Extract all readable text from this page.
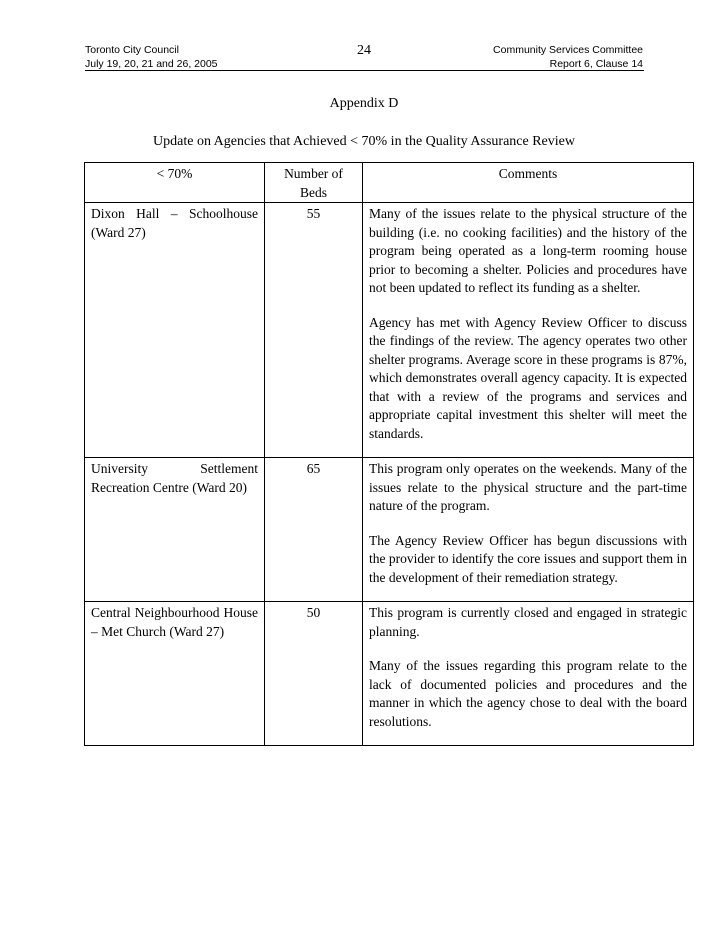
Toronto City Council
July 19, 20, 21 and 26, 2005
24	Community Services Committee
Report 6, Clause 14
Appendix D
Update on Agencies that Achieved < 70% in the Quality Assurance Review
< 70%	Number of Beds	Comments
Dixon Hall – Schoolhouse (Ward 27)	55	Many of the issues relate to the physical structure of the building (i.e. no cooking facilities) and the history of the program being operated as a long-term rooming house prior to becoming a shelter. Policies and procedures have not been updated to reflect its funding as a shelter.

Agency has met with Agency Review Officer to discuss the findings of the review. The agency operates two other shelter programs. Average score in these programs is 87%, which demonstrates overall agency capacity. It is expected that with a review of the programs and services and appropriate capital investment this shelter will meet the standards.

University Settlement Recreation Centre (Ward 20)	65	This program only operates on the weekends. Many of the issues relate to the physical structure and the part-time nature of the program.

The Agency Review Officer has begun discussions with the provider to identify the core issues and support them in the development of their remediation strategy.

Central Neighbourhood House – Met Church (Ward 27)	50	This program is currently closed and engaged in strategic planning.

Many of the issues regarding this program relate to the lack of documented policies and procedures and the manner in which the agency chose to deal with the board resolutions.
